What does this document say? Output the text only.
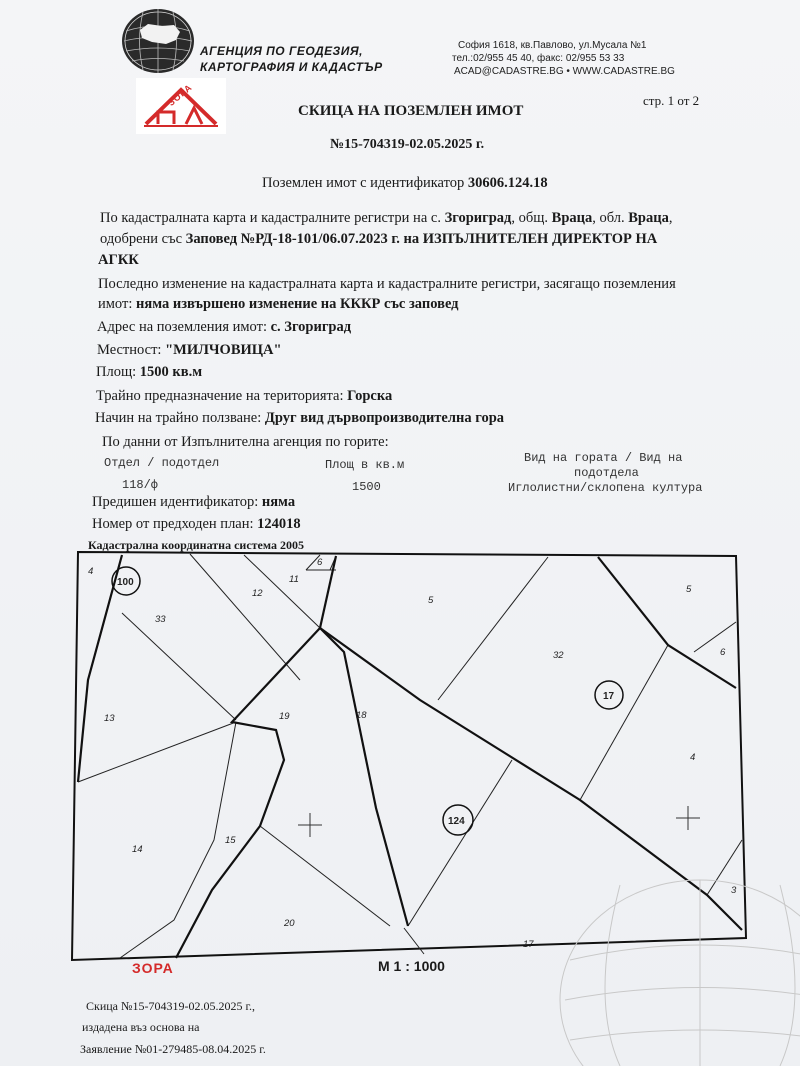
АГЕНЦИЯ ПО ГЕОДЕЗИЯ,
КАРТОГРАФИЯ И КАДАСТЪР
София 1618, кв.Павлово, ул.Мусала №1
тел.:02/955 45 40, факс: 02/955 53 33
ACAD@CADASTRE.BG • WWW.CADASTRE.BG
ЗОРА	стр. 1 от 2
СКИЦА НА ПОЗЕМЛЕН ИМОТ
№15-704319-02.05.2025 г.
Поземлен имот с идентификатор 30606.124.18
По кадастралната карта и кадастралните регистри на с. Згориград, общ. Враца, обл. Враца,
одобрени със Заповед №РД-18-101/06.07.2023 г. на ИЗПЪЛНИТЕЛЕН ДИРЕКТОР НА
АГКК
Последно изменение на кадастралната карта и кадастралните регистри, засягащо поземления
имот: няма извършено изменение на КККР със заповед
Адрес на поземления имот: с. Згориград
Местност: "МИЛЧОВИЦА"
Площ: 1500 кв.м
Трайно предназначение на територията: Горска
Начин на трайно ползване: Друг вид дървопроизводителна гора
По данни от Изпълнителна агенция по горите:
Отдел / подотдел	Площ в кв.м	Вид на гората / Вид на
подотдела
118/ф	1500	Иглолистни/склопена култура
Предишен идентификатор: няма
Номер от предходен план: 124018
Кадастрална координатна система 2005
4
100
33
12
11
6
5
5
6
32
17
13	19	18
4
124
14
15
20
17
3
ЗОРА	М 1 : 1000
Скица №15-704319-02.05.2025 г.,
издадена въз основа на
Заявление №01-279485-08.04.2025 г.
